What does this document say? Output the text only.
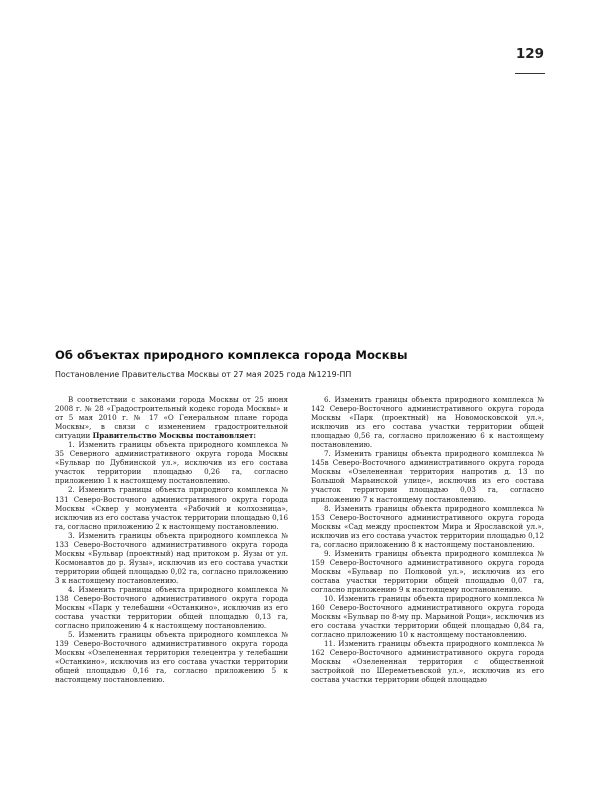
129
Об объектах природного комплекса города Москвы
Постановление Правительства Москвы от 27 мая 2025 года №1219-ПП

В соответствии с законами города Москвы от 25 июня 2008 г. № 28 «Градостроительный кодекс города Москвы» и от 5 мая 2010 г. № 17 «О Генеральном плане города Москвы», в связи с изменением градостроительной ситуации Правительство Москвы постановляет:

1. Изменить границы объекта природного комплекса № 35 Северного административного округа города Москвы «Бульвар по Дубнинской ул.», исключив из его состава участок территории площадью 0,26 га, согласно приложению 1 к настоящему постановлению.

2. Изменить границы объекта природного комплекса № 131 Северо-Восточного административного округа города Москвы «Сквер у монумента «Рабочий и колхозница», исключив из его состава участок территории площадью 0,16 га, согласно приложению 2 к настоящему постановлению.

3. Изменить границы объекта природного комплекса № 133 Северо-Восточного административного округа города Москвы «Бульвар (проектный) над притоком р. Яузы от ул. Космонавтов до р. Яузы», исключив из его состава участки территории общей площадью 0,02 га, согласно приложению 3 к настоящему постановлению.

4. Изменить границы объекта природного комплекса № 138 Северо-Восточного административного округа города Москвы «Парк у телебашни «Останкино», исключив из его состава участки территории общей площадью 0,13 га, согласно приложению 4 к настоящему постановлению.

5. Изменить границы объекта природного комплекса № 139 Северо-Восточного административного округа города Москвы «Озелененная территория телецентра у телебашни «Останкино», исключив из его состава участки территории общей площадью 0,16 га, согласно приложению 5 к настоящему постановлению.

6. Изменить границы объекта природного комплекса № 142 Северо-Восточного административного округа города Москвы «Парк (проектный) на Новомосковской ул.», исключив из его состава участки территории общей площадью 0,56 га, согласно приложению 6 к настоящему постановлению.

7. Изменить границы объекта природного комплекса № 145в Северо-Восточного административного округа города Москвы «Озелененная территория напротив д. 13 по Большой Марьинской улице», исключив из его состава участок территории площадью 0,03 га, согласно приложению 7 к настоящему постановлению.

8. Изменить границы объекта природного комплекса № 153 Северо-Восточного административного округа города Москвы «Сад между проспектом Мира и Ярославской ул.», исключив из его состава участок территории площадью 0,12 га, согласно приложению 8 к настоящему постановлению.

9. Изменить границы объекта природного комплекса № 159 Северо-Восточного административного округа города Москвы «Бульвар по Полковой ул.», исключив из его состава участки территории общей площадью 0,07 га, согласно приложению 9 к настоящему постановлению.

10. Изменить границы объекта природного комплекса № 160 Северо-Восточного административного округа города Москвы «Бульвар по 8-му пр. Марьиной Рощи», исключив из его состава участки территории общей площадью 0,84 га, согласно приложению 10 к настоящему постановлению.

11. Изменить границы объекта природного комплекса № 162 Северо-Восточного административного округа города Москвы «Озелененная территория с общественной застройкой по Шереметьевской ул.», исключив из его состава участки территории общей площадью
